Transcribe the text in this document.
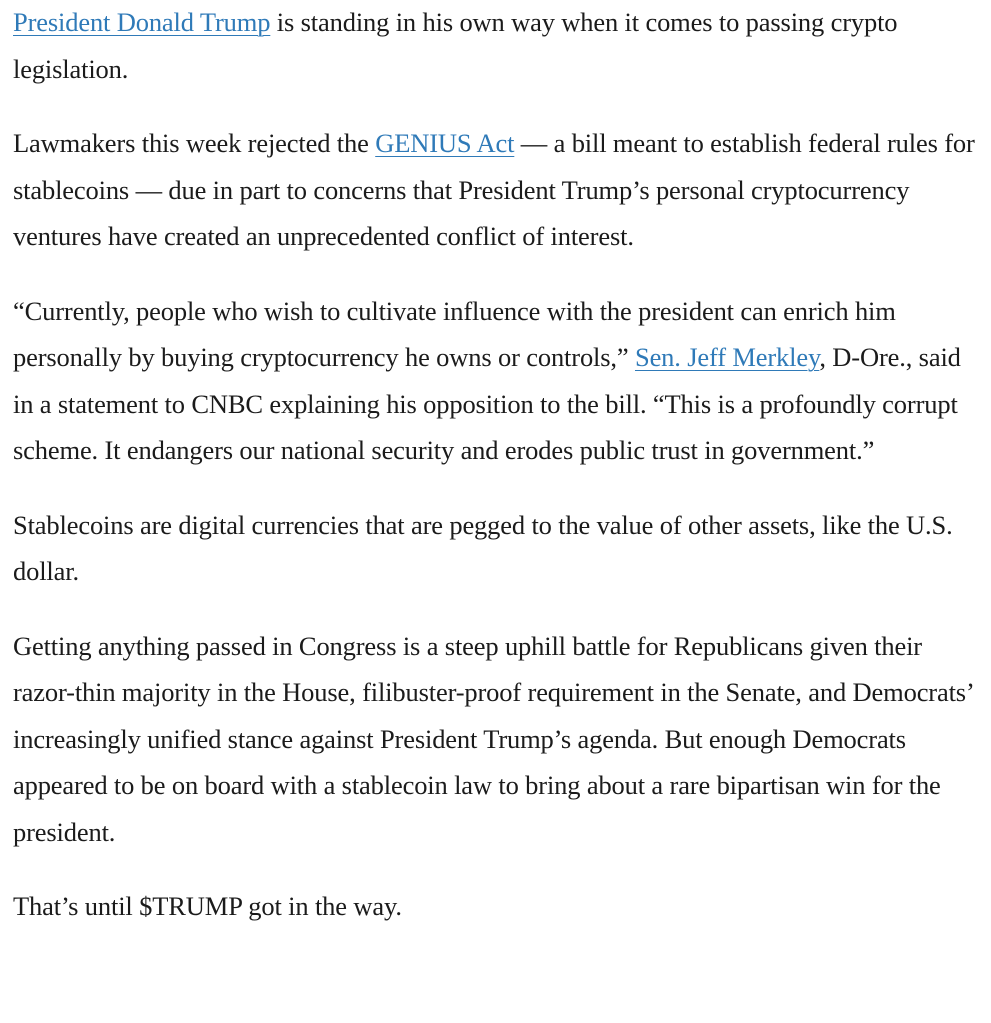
President Donald Trump is standing in his own way when it comes to passing crypto legislation.

Lawmakers this week rejected the GENIUS Act — a bill meant to establish federal rules for stablecoins — due in part to concerns that President Trump’s personal cryptocurrency ventures have created an unprecedented conflict of interest.

“Currently, people who wish to cultivate influence with the president can enrich him personally by buying cryptocurrency he owns or controls,” Sen. Jeff Merkley, D-Ore., said in a statement to CNBC explaining his opposition to the bill. “This is a profoundly corrupt scheme. It endangers our national security and erodes public trust in government.”

Stablecoins are digital currencies that are pegged to the value of other assets, like the U.S. dollar.

Getting anything passed in Congress is a steep uphill battle for Republicans given their razor-thin majority in the House, filibuster-proof requirement in the Senate, and Democrats’ increasingly unified stance against President Trump’s agenda. But enough Democrats appeared to be on board with a stablecoin law to bring about a rare bipartisan win for the president.

That’s until $TRUMP got in the way.
